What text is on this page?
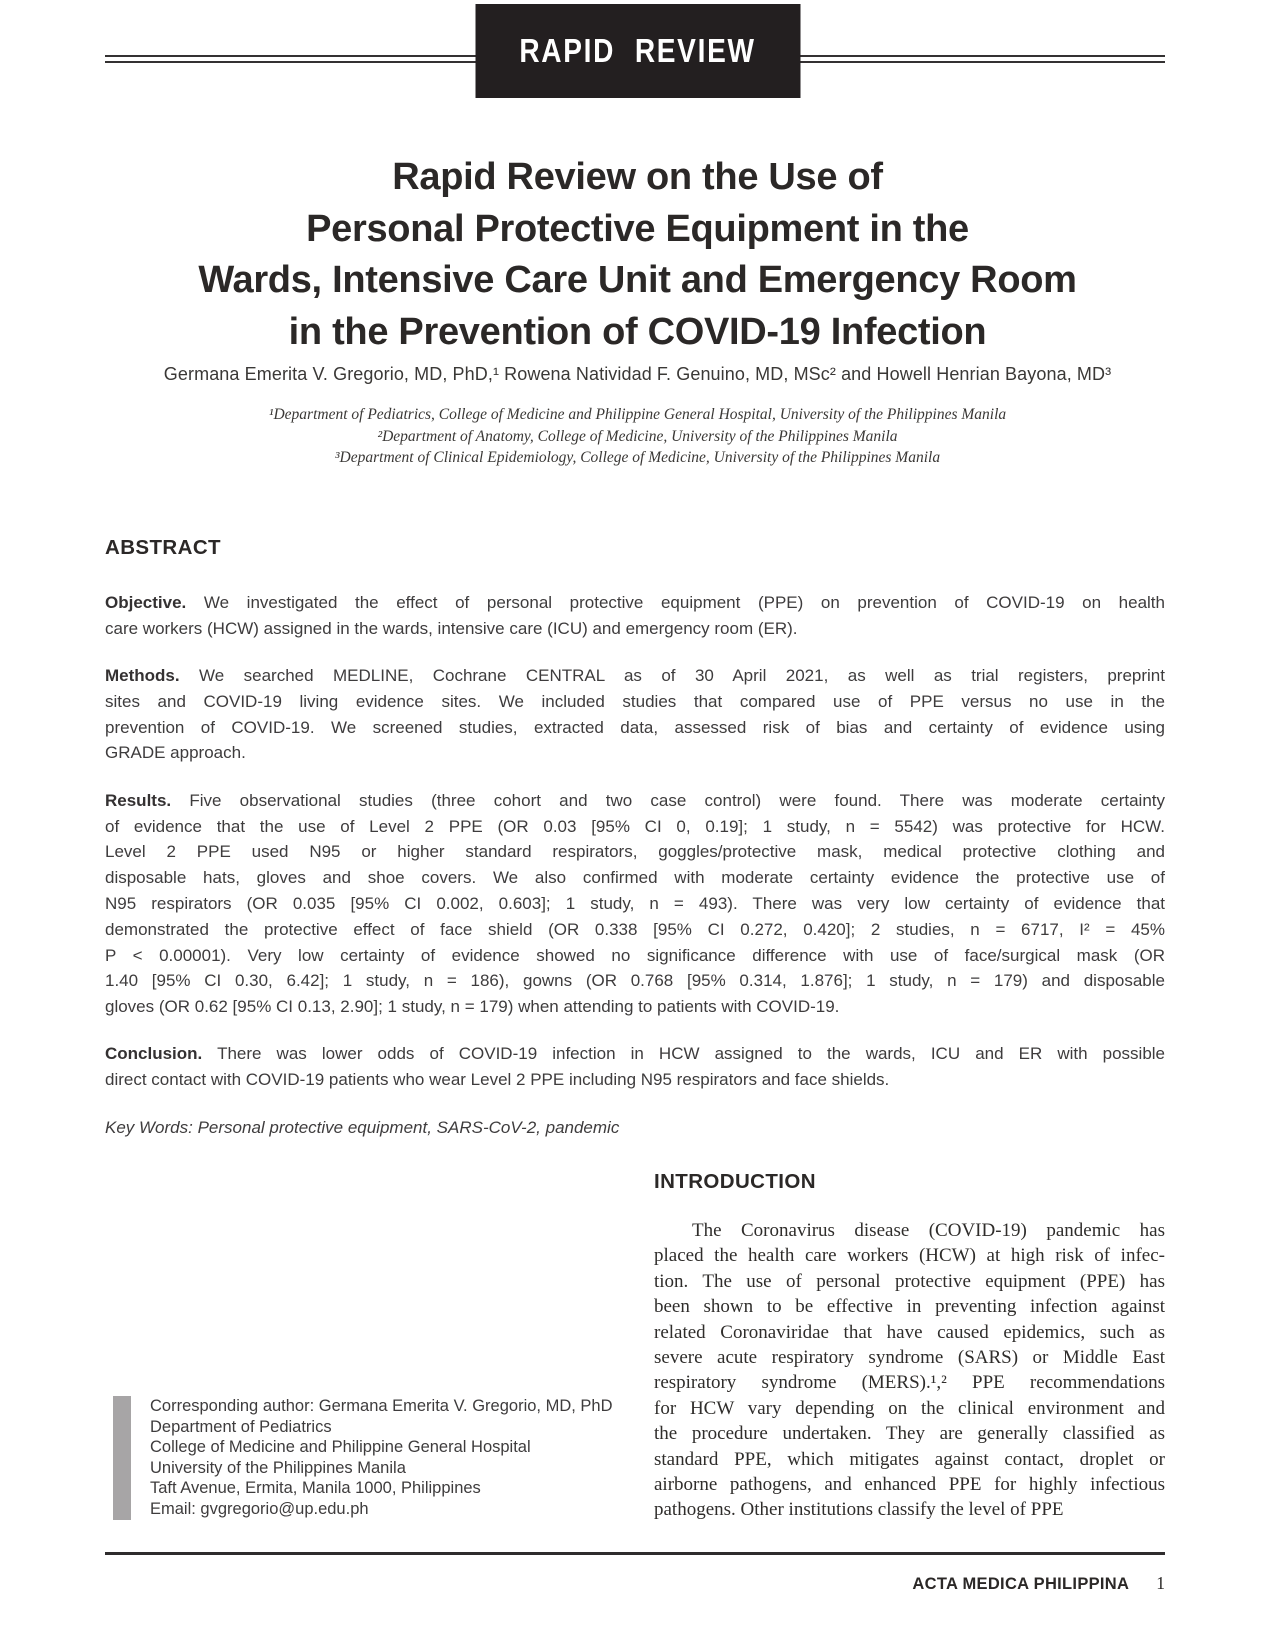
RAPID REVIEW
Rapid Review on the Use of
Personal Protective Equipment in the
Wards, Intensive Care Unit and Emergency Room
in the Prevention of COVID-19 Infection
Germana Emerita V. Gregorio, MD, PhD,¹ Rowena Natividad F. Genuino, MD, MSc² and Howell Henrian Bayona, MD³
¹Department of Pediatrics, College of Medicine and Philippine General Hospital, University of the Philippines Manila
²Department of Anatomy, College of Medicine, University of the Philippines Manila
³Department of Clinical Epidemiology, College of Medicine, University of the Philippines Manila
ABSTRACT
Objective. We investigated the effect of personal protective equipment (PPE) on prevention of COVID-19 on health
care workers (HCW) assigned in the wards, intensive care (ICU) and emergency room (ER).
Methods. We searched MEDLINE, Cochrane CENTRAL as of 30 April 2021, as well as trial registers, preprint
sites and COVID-19 living evidence sites. We included studies that compared use of PPE versus no use in the
prevention of COVID-19. We screened studies, extracted data, assessed risk of bias and certainty of evidence using
GRADE approach.
Results. Five observational studies (three cohort and two case control) were found. There was moderate certainty
of evidence that the use of Level 2 PPE (OR 0.03 [95% CI 0, 0.19]; 1 study, n = 5542) was protective for HCW.
Level 2 PPE used N95 or higher standard respirators, goggles/protective mask, medical protective clothing and
disposable hats, gloves and shoe covers. We also confirmed with moderate certainty evidence the protective use of
N95 respirators (OR 0.035 [95% CI 0.002, 0.603]; 1 study, n = 493). There was very low certainty of evidence that
demonstrated the protective effect of face shield (OR 0.338 [95% CI 0.272, 0.420]; 2 studies, n = 6717, I² = 45%
P < 0.00001). Very low certainty of evidence showed no significance difference with use of face/surgical mask (OR
1.40 [95% CI 0.30, 6.42]; 1 study, n = 186), gowns (OR 0.768 [95% 0.314, 1.876]; 1 study, n = 179) and disposable
gloves (OR 0.62 [95% CI 0.13, 2.90]; 1 study, n = 179) when attending to patients with COVID-19.
Conclusion. There was lower odds of COVID-19 infection in HCW assigned to the wards, ICU and ER with possible
direct contact with COVID-19 patients who wear Level 2 PPE including N95 respirators and face shields.
Key Words: Personal protective equipment, SARS-CoV-2, pandemic
Corresponding author: Germana Emerita V. Gregorio, MD, PhD
Department of Pediatrics
College of Medicine and Philippine General Hospital
University of the Philippines Manila
Taft Avenue, Ermita, Manila 1000, Philippines
Email: gvgregorio@up.edu.ph
INTRODUCTION
The Coronavirus disease (COVID-19) pandemic has
placed the health care workers (HCW) at high risk of infec-
tion. The use of personal protective equipment (PPE) has
been shown to be effective in preventing infection against
related Coronaviridae that have caused epidemics, such as
severe acute respiratory syndrome (SARS) or Middle East
respiratory syndrome (MERS).¹,² PPE recommendations
for HCW vary depending on the clinical environment and
the procedure undertaken. They are generally classified as
standard PPE, which mitigates against contact, droplet or
airborne pathogens, and enhanced PPE for highly infectious
pathogens. Other institutions classify the level of PPE
ACTA MEDICA PHILIPPINA 1
